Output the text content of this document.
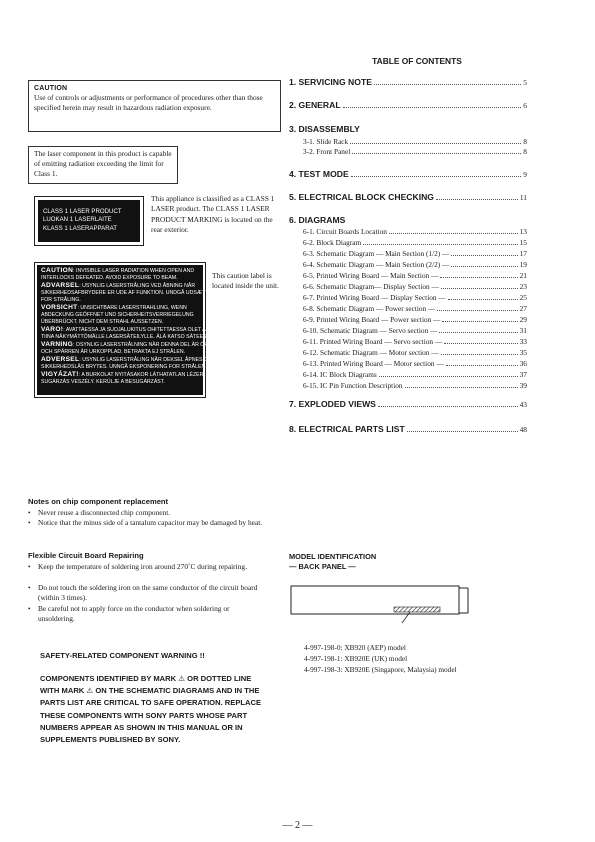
CAUTION
Use of controls or adjustments or performance of procedures other than those specified herein may result in hazardous radiation exposure.
The laser component in this product is capable of emitting radiation exceeding the limit for Class 1.
CLASS 1 LASER PRODUCT
LUOKAN 1 LASERLAITE
KLASS 1 LASERAPPARAT
This appliance is classified as a CLASS 1 LASER product. The CLASS 1 LASER PRODUCT MARKING is located on the rear exterior.
CAUTION: INVISIBLE LASER RADIATION WHEN OPEN AND
INTERLOCKS DEFEATED. AVOID EXPOSURE TO BEAM.
ADVARSEL: USYNLIG LASERSTRÅLING VED ÅBNING NÅR
SIKKERHEDSAFBRYDERE ER UDE AF FUNKTION. UNDGÅ UDSÆTTELSE
FOR STRÅLING.
VORSICHT: UNSICHTBARE LASERSTRAHLUNG, WENN
ABDECKUNG GEÖFFNET UND SICHERHEITSVERRIEGELUNG
ÜBERBRÜCKT. NICHT DEM STRAHL AUSSETZEN.
VARO!: AVATTAESSA JA SUOJALUKITUS OHITETTAESSA OLET ALT-
TIINA NÄKYMÄTTÖMÄLLE LASERSÄTEILYLLE. ÄLÄ KATSO SÄTEESEEN.
VARNING: OSYNLIG LASERSTRÅLNING NÄR DENNA DEL ÄR ÖPPNAD
OCH SPÄRREN ÄR URKOPPLAD. BETRAKTA EJ STRÅLEN.
ADVERSEL: USYNLIG LASERSTRÅLING NÅR DEKSEL ÅPNES OG
SIKKERHEDSLÅS BRYTES. UNNGÅ EKSPONERING FOR STRÅLEN.
VIGYÁZAT!: A BURKOLAT NYITÁSAKOR LÁTHATATLAN LÉZER
SUGÁRZÁS VESZÉLY. KERÜLJE A BESUGÁRZÁST.
This caution label is located inside the unit.
TABLE OF CONTENTS
1. SERVICING NOTE	5
2. GENERAL	6
3. DISASSEMBLY
3-1. Slide Rack	8
3-2. Front Panel	8
4. TEST MODE	9
5. ELECTRICAL BLOCK CHECKING	11
6. DIAGRAMS
6-1. Circuit Boards Location	13
6-2. Block Diagram	15
6-3. Schematic Diagram — Main Section (1/2) —	17
6-4. Schematic Diagram — Main Section (2/2) —	19
6-5. Printed Wiring Board — Main Section —	21
6-6. Schematic Diagram— Display Section —	23
6-7. Printed Wiring Board — Display Section —	25
6-8. Schematic Diagram — Power section —	27
6-9. Printed Wiring Board — Power section —	29
6-10. Schematic Diagram — Servo section —	31
6-11. Printed Wiring Board — Servo section —	33
6-12. Schematic Diagram — Motor section —	35
6-13. Printed Wiring Board — Motor section —	36
6-14. IC Block Diagrams	37
6-15. IC Pin Function Description	39
7. EXPLODED VIEWS	43
8. ELECTRICAL PARTS LIST	48
Notes on chip component replacement
•	Never reuse a disconnected chip component.
•	Notice that the minus side of a tantalum capacitor may be damaged by heat.
Flexible Circuit Board Repairing
•	Keep the temperature of soldering iron around 270˚C during repairing.
•	Do not touch the soldering iron on the same conductor of the circuit board (within 3 times).
•	Be careful not to apply force on the conductor when soldering or unsoldering.
SAFETY-RELATED COMPONENT WARNING !!
COMPONENTS IDENTIFIED BY MARK ⚠ OR DOTTED LINE WITH MARK ⚠ ON THE SCHEMATIC DIAGRAMS AND IN THE PARTS LIST ARE CRITICAL TO SAFE OPERATION. REPLACE THESE COMPONENTS WITH SONY PARTS WHOSE PART NUMBERS APPEAR AS SHOWN IN THIS MANUAL OR IN SUPPLEMENTS PUBLISHED BY SONY.
MODEL IDENTIFICATION
— BACK PANEL —
4-997-198-0: XB920 (AEP) model
4-997-198-1: XB920E (UK) model
4-997-198-3: XB920E (Singapore, Malaysia) model
— 2 —
